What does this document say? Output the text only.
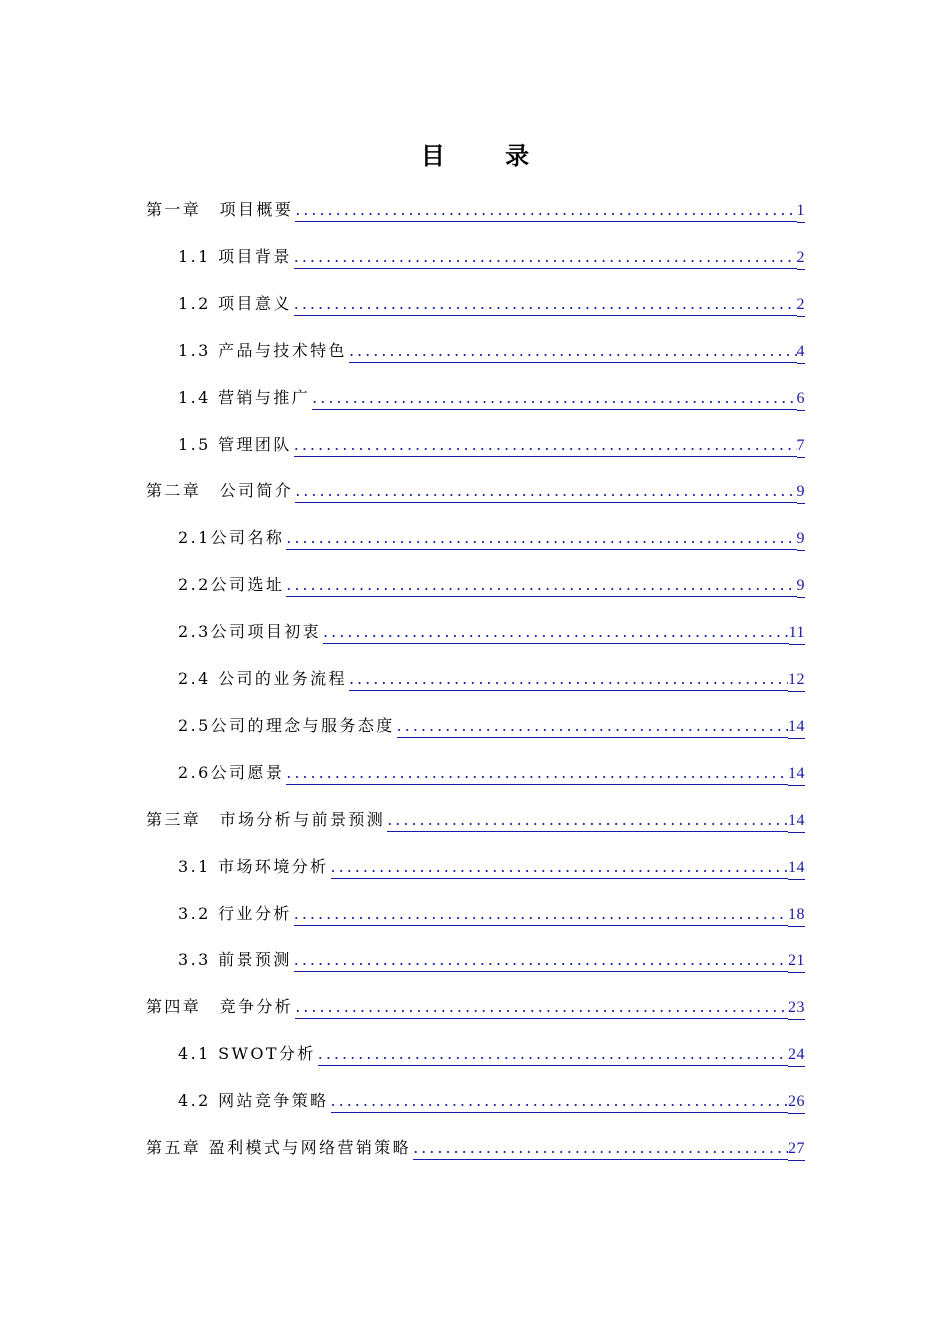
目 录
第一章　项目概要 .....	1
1.1 项目背景 .....	2
1.2 项目意义 .....	2
1.3 产品与技术特色 .....	4
1.4 营销与推广 .....	6
1.5 管理团队 .....	7
第二章　公司简介 .....	9
2.1公司名称 .....	9
2.2公司选址 .....	9
2.3公司项目初衷 .....	11
2.4 公司的业务流程 .....	12
2.5公司的理念与服务态度 .....	14
2.6公司愿景 .....	14
第三章　市场分析与前景预测 .....	14
3.1 市场环境分析 .....	14
3.2 行业分析 .....	18
3.3 前景预测 .....	21
第四章　竞争分析 .....	23
4.1 SWOT分析 .....	24
4.2 网站竞争策略 .....	26
第五章 盈利模式与网络营销策略 .....	27
